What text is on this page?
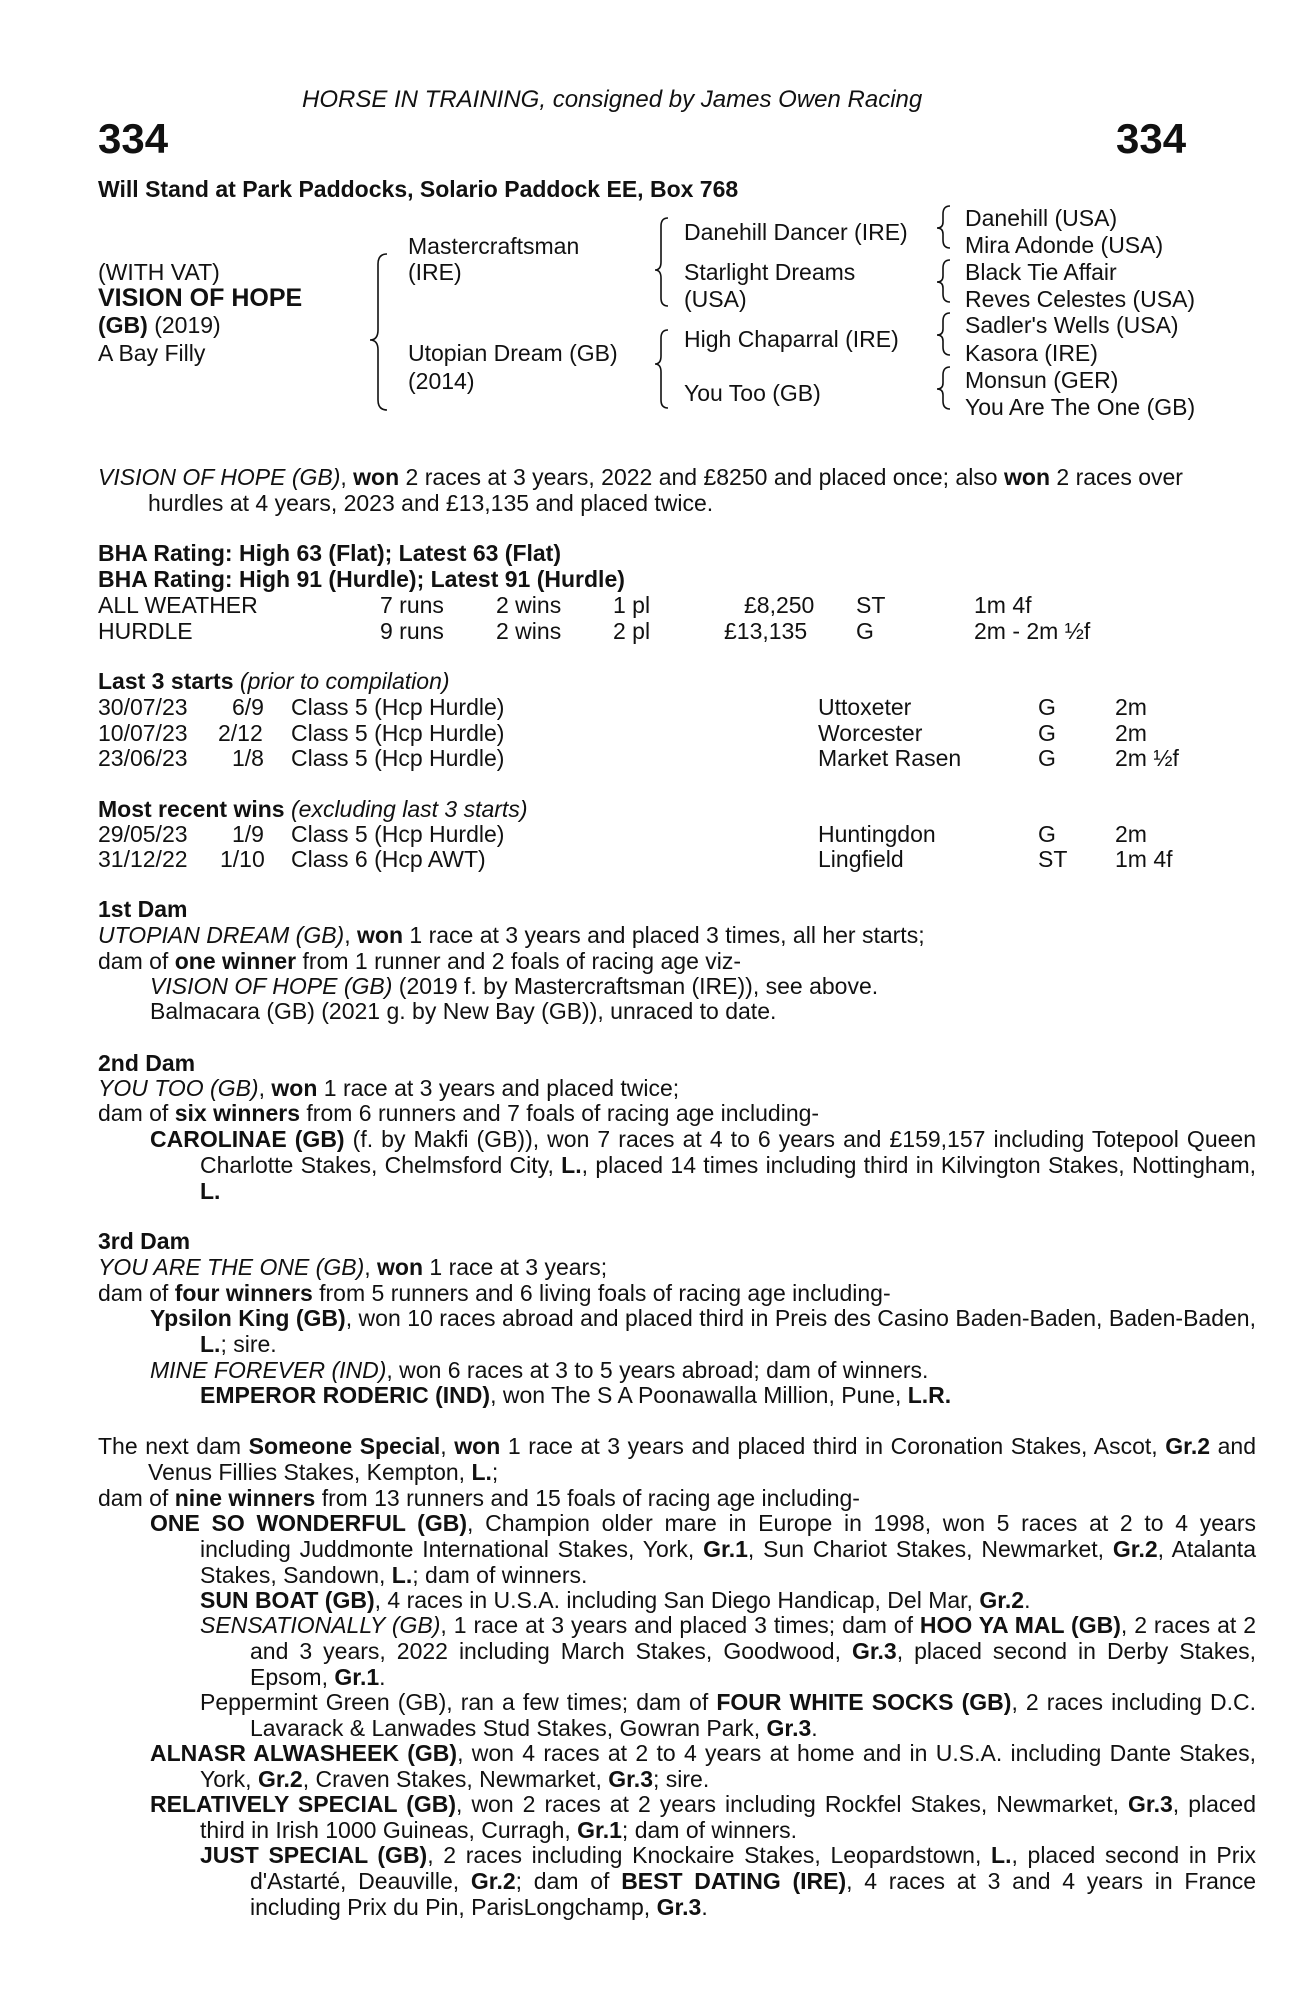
HORSE IN TRAINING, consigned by James Owen Racing
334	334
Will Stand at Park Paddocks, Solario Paddock EE, Box 768
(WITH VAT)
VISION OF HOPE
(GB) (2019)
A Bay Filly
Mastercraftsman
(IRE)
Utopian Dream (GB)
(2014)
Danehill Dancer (IRE)
Starlight Dreams
(USA)
High Chaparral (IRE)
You Too (GB)
Danehill (USA)
Mira Adonde (USA)
Black Tie Affair
Reves Celestes (USA)
Sadler's Wells (USA)
Kasora (IRE)
Monsun (GER)
You Are The One (GB)
VISION OF HOPE (GB), won 2 races at 3 years, 2022 and £8250 and placed once; also won 2 races over hurdles at 4 years, 2023 and £13,135 and placed twice.
BHA Rating: High 63 (Flat); Latest 63 (Flat)
BHA Rating: High 91 (Hurdle); Latest 91 (Hurdle)
ALL WEATHER	7 runs 2 wins 1 pl	£8,250 ST	1m 4f
HURDLE	9 runs 2 wins 2 pl	£13,135 G	2m - 2m ½f
Last 3 starts (prior to compilation)
30/07/23 6/9 Class 5 (Hcp Hurdle)	Uttoxeter	G	2m
10/07/23 2/12 Class 5 (Hcp Hurdle)	Worcester	G	2m
23/06/23 1/8 Class 5 (Hcp Hurdle)	Market Rasen	G	2m ½f
Most recent wins (excluding last 3 starts)
29/05/23 1/9 Class 5 (Hcp Hurdle)	Huntingdon	G	2m
31/12/22 1/10 Class 6 (Hcp AWT)	Lingfield	ST 1m 4f
1st Dam
UTOPIAN DREAM (GB), won 1 race at 3 years and placed 3 times, all her starts;
dam of one winner from 1 runner and 2 foals of racing age viz-
VISION OF HOPE (GB) (2019 f. by Mastercraftsman (IRE)), see above.
Balmacara (GB) (2021 g. by New Bay (GB)), unraced to date.
2nd Dam
YOU TOO (GB), won 1 race at 3 years and placed twice;
dam of six winners from 6 runners and 7 foals of racing age including-
CAROLINAE (GB) (f. by Makfi (GB)), won 7 races at 4 to 6 years and £159,157 including Totepool Queen Charlotte Stakes, Chelmsford City, L., placed 14 times including third in Kilvington Stakes, Nottingham, L.
3rd Dam
YOU ARE THE ONE (GB), won 1 race at 3 years;
dam of four winners from 5 runners and 6 living foals of racing age including-
Ypsilon King (GB), won 10 races abroad and placed third in Preis des Casino Baden-Baden, Baden-Baden, L.; sire.
MINE FOREVER (IND), won 6 races at 3 to 5 years abroad; dam of winners.
EMPEROR RODERIC (IND), won The S A Poonawalla Million, Pune, L.R.
The next dam Someone Special, won 1 race at 3 years and placed third in Coronation Stakes, Ascot, Gr.2 and Venus Fillies Stakes, Kempton, L.;
dam of nine winners from 13 runners and 15 foals of racing age including-
ONE SO WONDERFUL (GB), Champion older mare in Europe in 1998, won 5 races at 2 to 4 years including Juddmonte International Stakes, York, Gr.1, Sun Chariot Stakes, Newmarket, Gr.2, Atalanta Stakes, Sandown, L.; dam of winners.
SUN BOAT (GB), 4 races in U.S.A. including San Diego Handicap, Del Mar, Gr.2.
SENSATIONALLY (GB), 1 race at 3 years and placed 3 times; dam of HOO YA MAL (GB), 2 races at 2 and 3 years, 2022 including March Stakes, Goodwood, Gr.3, placed second in Derby Stakes, Epsom, Gr.1.
Peppermint Green (GB), ran a few times; dam of FOUR WHITE SOCKS (GB), 2 races including D.C. Lavarack & Lanwades Stud Stakes, Gowran Park, Gr.3.
ALNASR ALWASHEEK (GB), won 4 races at 2 to 4 years at home and in U.S.A. including Dante Stakes, York, Gr.2, Craven Stakes, Newmarket, Gr.3; sire.
RELATIVELY SPECIAL (GB), won 2 races at 2 years including Rockfel Stakes, Newmarket, Gr.3, placed third in Irish 1000 Guineas, Curragh, Gr.1; dam of winners.
JUST SPECIAL (GB), 2 races including Knockaire Stakes, Leopardstown, L., placed second in Prix d'Astarté, Deauville, Gr.2; dam of BEST DATING (IRE), 4 races at 3 and 4 years in France including Prix du Pin, ParisLongchamp, Gr.3.
